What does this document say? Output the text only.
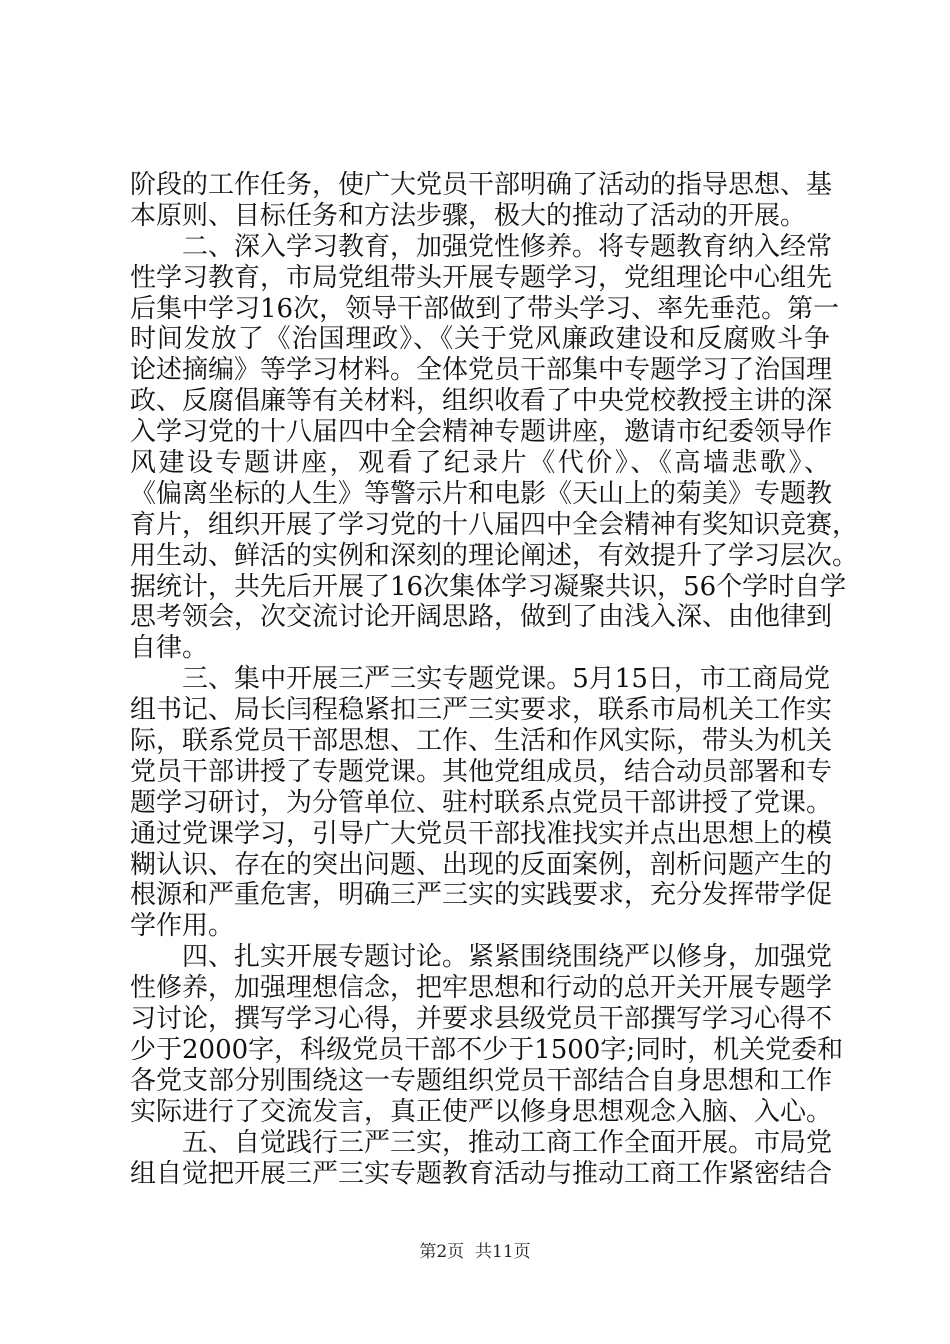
阶段的工作任务，使广大党员干部明确了活动的指导思想、基
本原则、目标任务和方法步骤，极大的推动了活动的开展。
　　二、深入学习教育，加强党性修养。将专题教育纳入经常
性学习教育，市局党组带头开展专题学习，党组理论中心组先
后集中学习16次，领导干部做到了带头学习、率先垂范。第一
时间发放了《治国理政》、《关于党风廉政建设和反腐败斗争
论述摘编》等学习材料。全体党员干部集中专题学习了治国理
政、反腐倡廉等有关材料，组织收看了中央党校教授主讲的深
入学习党的十八届四中全会精神专题讲座，邀请市纪委领导作
风建设专题讲座，观看了纪录片《代价》、《高墙悲歌》、
《偏离坐标的人生》等警示片和电影《天山上的菊美》专题教
育片，组织开展了学习党的十八届四中全会精神有奖知识竞赛，
用生动、鲜活的实例和深刻的理论阐述，有效提升了学习层次。
据统计，共先后开展了16次集体学习凝聚共识，56个学时自学
思考领会，次交流讨论开阔思路，做到了由浅入深、由他律到
自律。
　　三、集中开展三严三实专题党课。5月15日，市工商局党
组书记、局长闫程稳紧扣三严三实要求，联系市局机关工作实
际，联系党员干部思想、工作、生活和作风实际，带头为机关
党员干部讲授了专题党课。其他党组成员，结合动员部署和专
题学习研讨，为分管单位、驻村联系点党员干部讲授了党课。
通过党课学习，引导广大党员干部找准找实并点出思想上的模
糊认识、存在的突出问题、出现的反面案例，剖析问题产生的
根源和严重危害，明确三严三实的实践要求，充分发挥带学促
学作用。
　　四、扎实开展专题讨论。紧紧围绕围绕严以修身，加强党
性修养，加强理想信念，把牢思想和行动的总开关开展专题学
习讨论，撰写学习心得，并要求县级党员干部撰写学习心得不
少于2000字，科级党员干部不少于1500字;同时，机关党委和
各党支部分别围绕这一专题组织党员干部结合自身思想和工作
实际进行了交流发言，真正使严以修身思想观念入脑、入心。
　　五、自觉践行三严三实，推动工商工作全面开展。市局党
组自觉把开展三严三实专题教育活动与推动工商工作紧密结合
第2页 共11页
